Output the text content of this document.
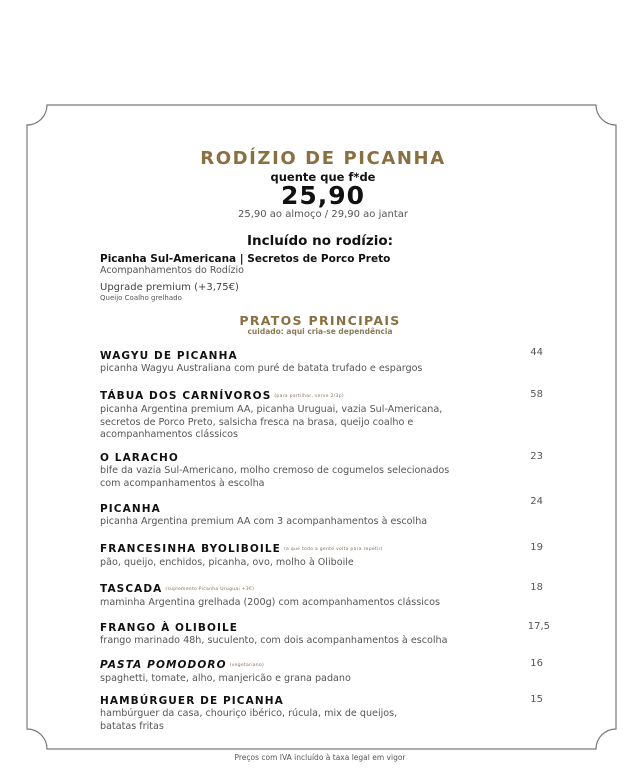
RODÍZIO DE PICANHA
quente que f*de
25,90
25,90 ao almoço / 29,90 ao jantar
Incluído no rodízio:
Picanha Sul-Americana | Secretos de Porco Preto
Acompanhamentos do Rodízio
Upgrade premium (+3,75€)
Queijo Coalho grelhado
PRATOS PRINCIPAIS
cuidado: aqui cria-se dependência
WAGYU DE PICANHA
picanha Wagyu Australiana com puré de batata trufado e espargos
44
TÁBUA DOS CARNÍVOROS (para partilhar, serve 2/3p)
picanha Argentina premium AA, picanha Uruguai, vazia Sul-Americana, secretos de Porco Preto, salsicha fresca na brasa, queijo coalho e acompanhamentos clássicos
58
O LARACHO
bife da vazia Sul-Americano, molho cremoso de cogumelos selecionados com acompanhamentos à escolha
23
PICANHA
picanha Argentina premium AA com 3 acompanhamentos à escolha
24
FRANCESINHA BYOLIBOILE (a que todo a gente volta para repetir)
pão, queijo, enchidos, picanha, ovo, molho à Oliboile
19
TASCADA (suplemento Picanha Uruguai +3€)
maminha Argentina grelhada (200g) com acompanhamentos clássicos
18
FRANGO À OLIBOILE
frango marinado 48h, suculento, com dois acompanhamentos à escolha
17,5
PASTA POMODORO (vegetariano)
spaghetti, tomate, alho, manjericão e grana padano
16
HAMBÚRGUER DE PICANHA
hambúrguer da casa, chouriço ibérico, rúcula, mix de queijos, batatas fritas
15
Preços com IVA incluído à taxa legal em vigor
